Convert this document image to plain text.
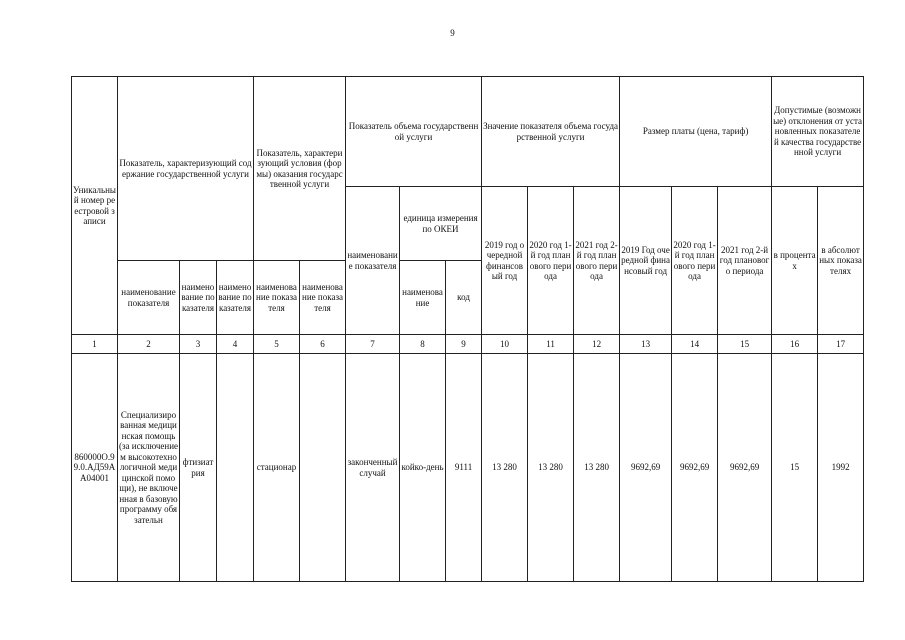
9
Уникальный номер реестровой записи	Показатель, характеризующий содержание государственной услуги			Показатель, характеризующий условия (формы) оказания государственной услуги		Показатель объема государственной услуги			Значение показателя объема государственной услуги			Размер платы (цена, тариф)			Допустимые (возможные) отклонения от установленных показателей качества государственной услуги	
						наименование показателя	единица измерения по ОКЕИ		2019 год очередной финансовый год	2020 год 1-й год планового периода	2021 год 2-й год планового периода	2019 Год очередной финансовый год	2020 год 1-й год планового периода	2021 год 2-й год планового периода	в процентах	в абсолютных показателях
	наименование показателя	наименование показателя	наименование показателя	наименование показателя	наименование показателя		наименование	код								
1	2	3	4	5	6	7	8	9	10	11	12	13	14	15	16	17
860000О.99.0.АД59АА04001	Специализированная медицинская помощь (за исключением высокотехнологичной медицинской помощи), не включенная в базовую программу обязательн	фтизиатрия		стационар		законченный случай	койко-день	9111	13 280	13 280	13 280	9692,69	9692,69	9692,69	15	1992
